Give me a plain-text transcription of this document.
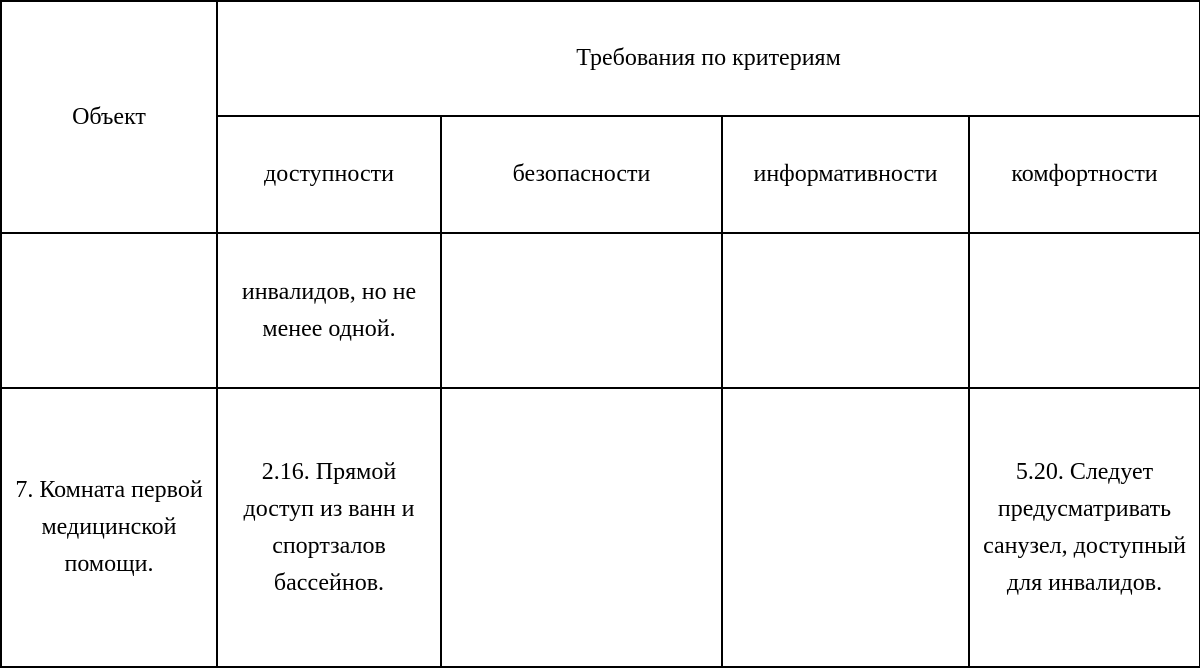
Объект	Требования по критериям			
	доступности	безопасности	информативности	комфортности
	инвалидов, но не менее одной.			
7. Комната первой медицинской помощи.	2.16. Прямой доступ из ванн и спортзалов бассейнов.			5.20. Следует предусматривать санузел, доступный для инвалидов.
